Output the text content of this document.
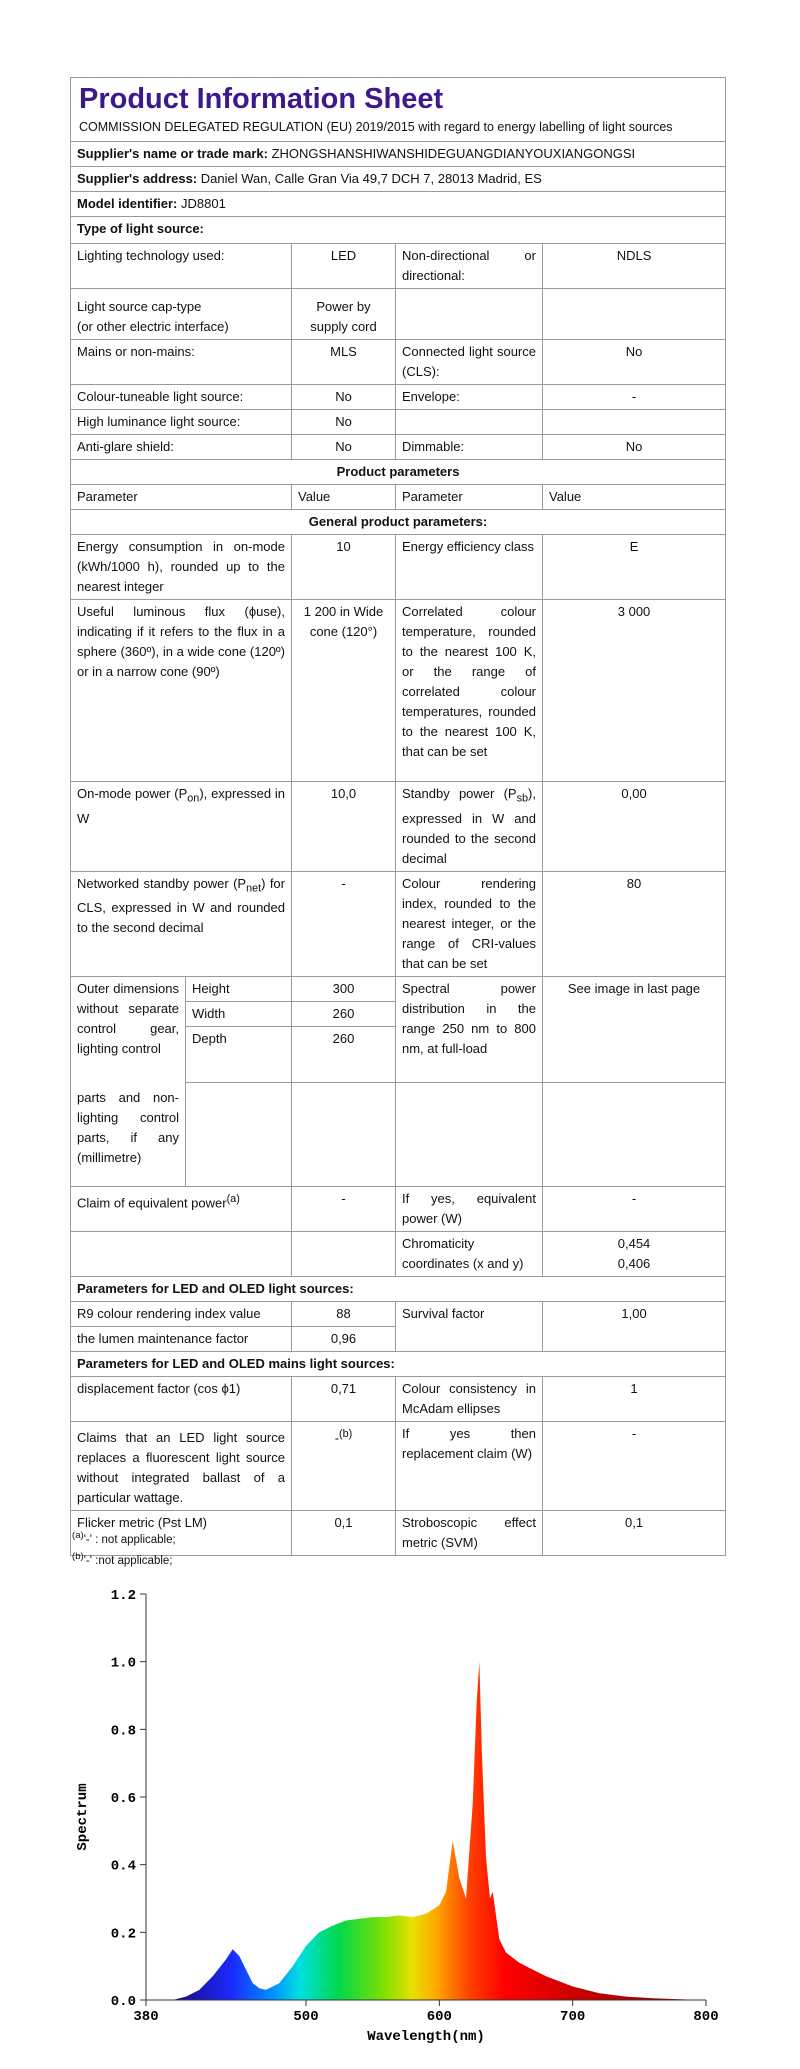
Product Information Sheet
COMMISSION DELEGATED REGULATION (EU) 2019/2015 with regard to energy labelling of light sources				

Supplier's name or trade mark: ZHONGSHANSHIWANSHIDEGUANGDIANYOUXIANGONGSI				
Supplier's address: Daniel Wan, Calle Gran Via 49,7 DCH 7, 28013 Madrid, ES				
Model identifier: JD8801				
Type of light source:				
Lighting technology used:		LED	Non-directional or directional:	NDLS

Light source cap-type
(or other electric interface)		Power by supply cord		
Mains or non-mains:		MLS	Connected light source (CLS):	No
Colour-tuneable light source:		No	Envelope:	-
High luminance light source:		No		
Anti-glare shield:		No	Dimmable:	No
Product parameters				
Parameter		Value	Parameter	Value
General product parameters:				
Energy consumption in on-mode (kWh/1000 h), rounded up to the nearest integer		10	Energy efficiency class	E
Useful luminous flux (ϕuse), indicating if it refers to the flux in a sphere (360º), in a wide cone (120º) or in a narrow cone (90º)		1 200 in Wide cone (120°)	Correlated colour temperature, rounded to the nearest 100 K, or the range of correlated colour temperatures, rounded to the nearest 100 K, that can be set	3 000
On-mode power $(P_{on})$, expressed in W		10,0	Standby power $(P_{sb})$, expressed in W and rounded to the second decimal	0,00
Networked standby power $(P_{net})$ for CLS, expressed in W and rounded to the second decimal		-	Colour rendering index, rounded to the nearest integer, or the range of CRI-values that can be set	80
Outer dimensions without separate control gear, lighting control	Height	300	Spectral power distribution in the range 250 nm to 800 nm, at full-load	See image in last page
	Width	260		
	Depth	260		
parts and non-lighting control parts, if any (millimetre)				
Claim of equivalent power$^{(a)}$		-	If yes, equivalent power (W)	-
			Chromaticity coordinates (x and y)	0,454
0,406

Parameters for LED and OLED light sources:				
R9 colour rendering index value		88	Survival factor	1,00
the lumen maintenance factor		0,96		
Parameters for LED and OLED mains light sources:				
displacement factor (cos ϕ1)		0,71	Colour consistency in McAdam ellipses	1
Claims that an LED light source replaces a fluorescent light source without integrated ballast of a particular wattage.		-$^{(b)}$	If yes then replacement claim (W)	-
Flicker metric (Pst LM)		0,1	Stroboscopic effect metric (SVM)	0,1
$^{(a)}$'-' : not applicable;
$^{(b)}$'-' :not applicable;
380	500	600	700	800
0.0
0.2
0.4
0.6
0.8
1.0
1.2
Wavelength(nm)
Spectrum
